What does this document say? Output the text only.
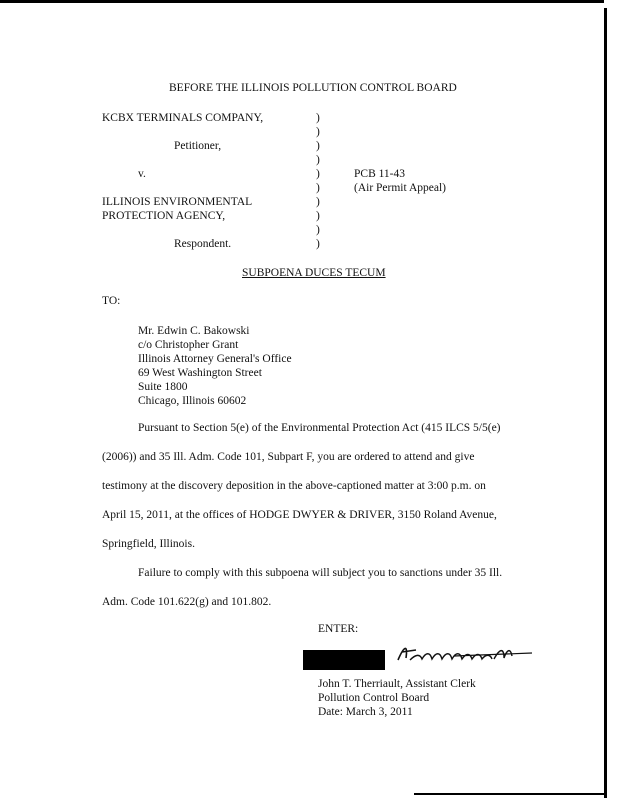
BEFORE THE ILLINOIS POLLUTION CONTROL BOARD
KCBX TERMINALS COMPANY,
Petitioner,
v.
ILLINOIS ENVIRONMENTAL
PROTECTION AGENCY,
Respondent.
)
)
)
)
)
)
)
)
)
)
PCB 11-43
(Air Permit Appeal)
SUBPOENA DUCES TECUM
TO:
Mr. Edwin C. Bakowski
c/o Christopher Grant
Illinois Attorney General's Office
69 West Washington Street
Suite 1800
Chicago, Illinois 60602
Pursuant to Section 5(e) of the Environmental Protection Act (415 ILCS 5/5(e)
(2006)) and 35 Ill. Adm. Code 101, Subpart F, you are ordered to attend and give
testimony at the discovery deposition in the above-captioned matter at 3:00 p.m. on
April 15, 2011, at the offices of HODGE DWYER & DRIVER, 3150 Roland Avenue,
Springfield, Illinois.
Failure to comply with this subpoena will subject you to sanctions under 35 Ill.
Adm. Code 101.622(g) and 101.802.
ENTER:
John T. Therriault, Assistant Clerk
Pollution Control Board
Date: March 3, 2011
